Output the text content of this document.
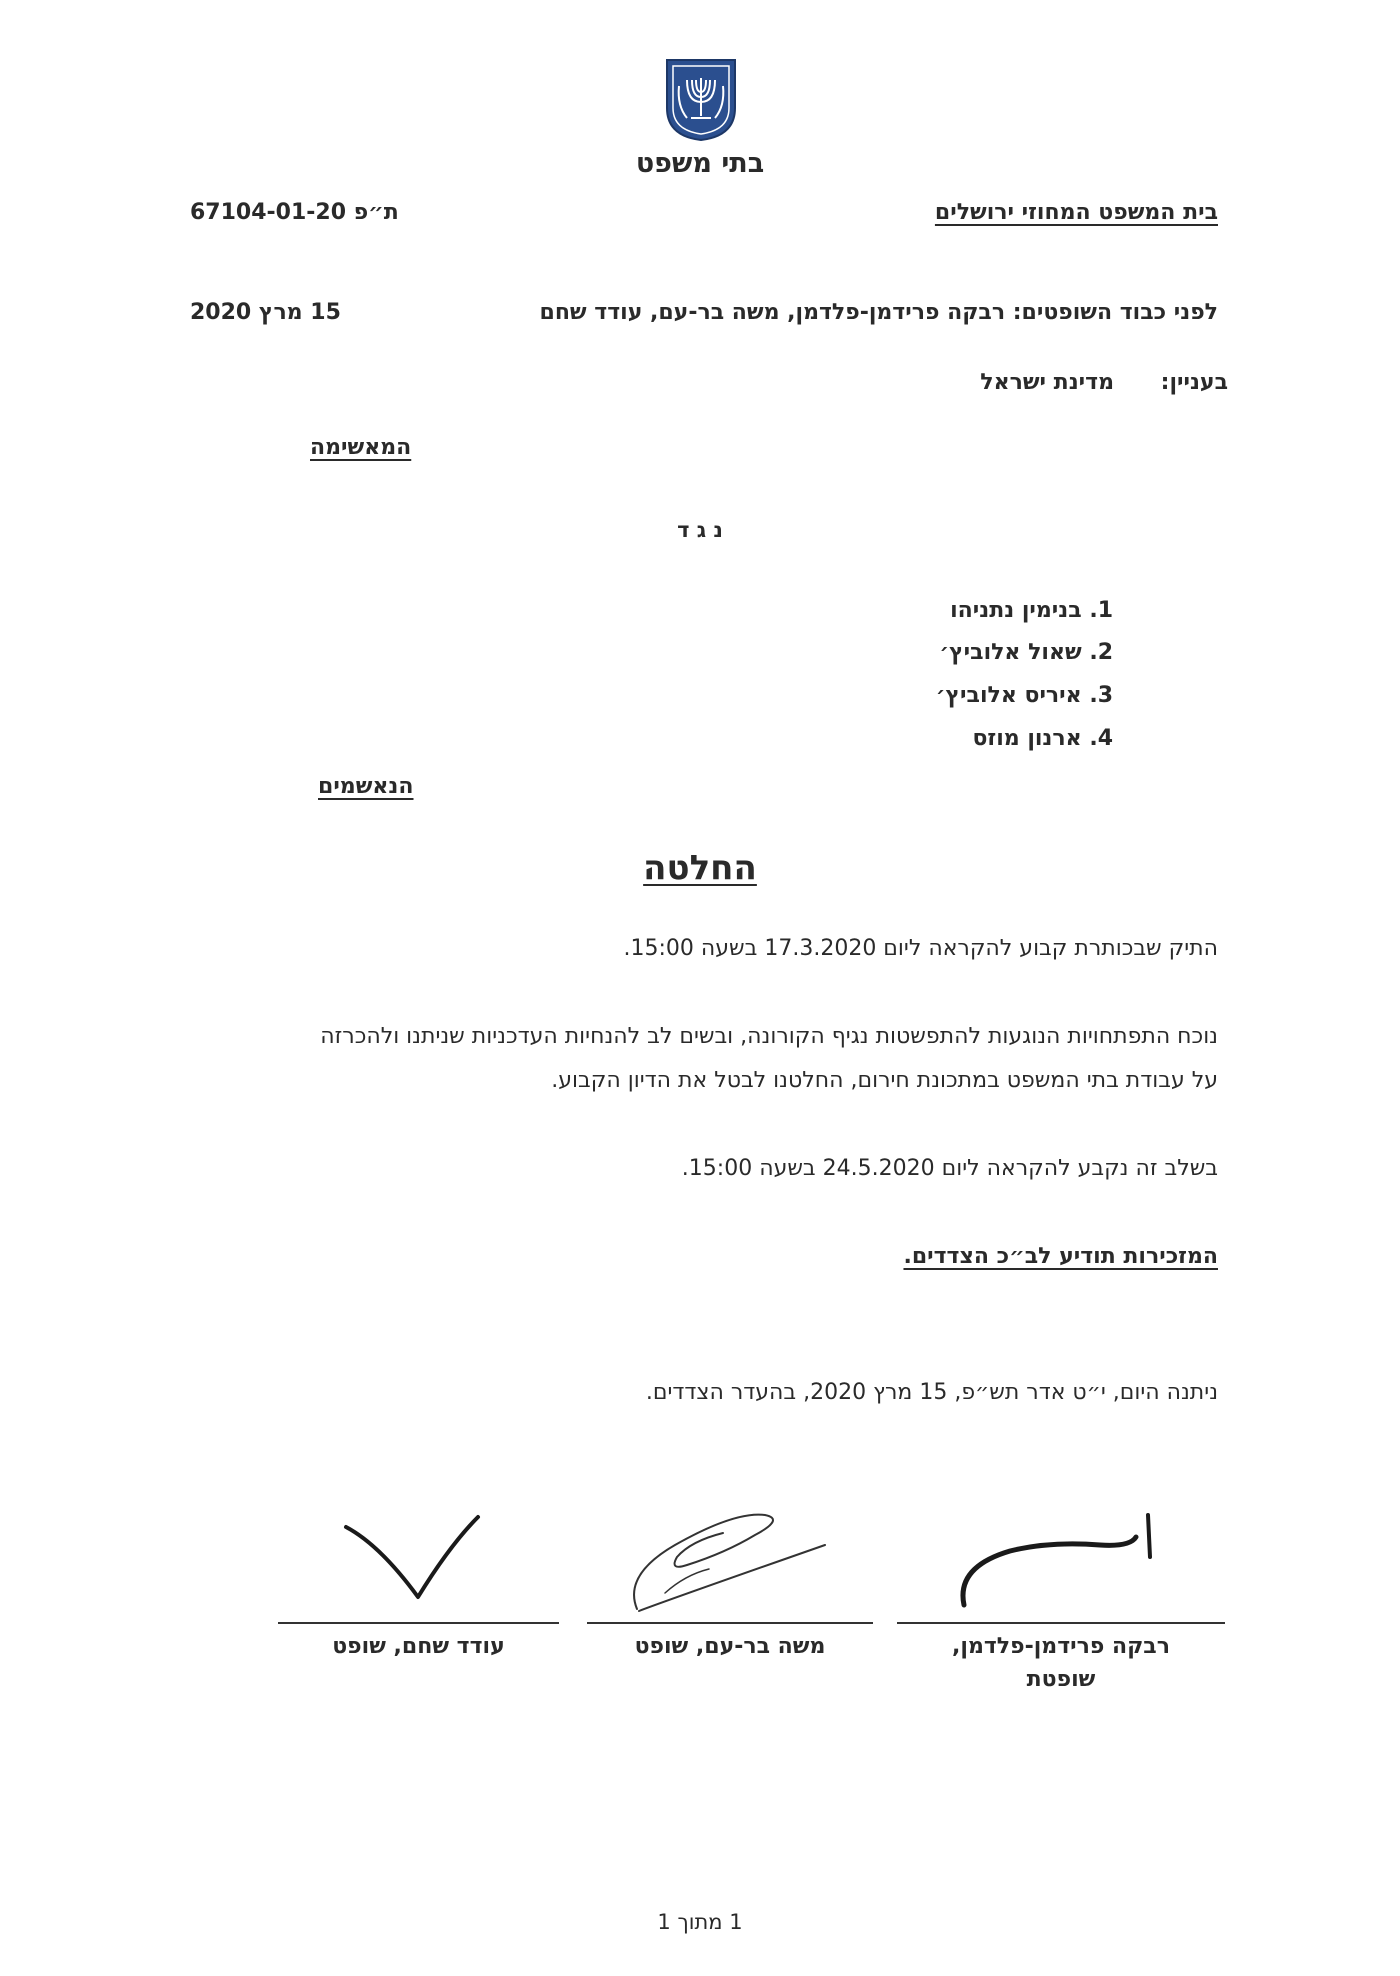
בתי משפט
בית המשפט המחוזי ירושלים
ת״פ 67104-01-20
לפני כבוד השופטים: רבקה פרידמן-פלדמן, משה בר-עם, עודד שחם
15 מרץ 2020
בעניין:
מדינת ישראל
המאשימה
נ ג ד
1. בנימין נתניהו
2. שאול אלוביץ׳
3. איריס אלוביץ׳
4. ארנון מוזס
הנאשמים
החלטה
התיק שבכותרת קבוע להקראה ליום 17.3.2020 בשעה 15:00.
נוכח התפתחויות הנוגעות להתפשטות נגיף הקורונה, ובשים לב להנחיות העדכניות שניתנו ולהכרזה
על עבודת בתי המשפט במתכונת חירום, החלטנו לבטל את הדיון הקבוע.
בשלב זה נקבע להקראה ליום 24.5.2020 בשעה 15:00.
המזכירות תודיע לב״כ הצדדים.
ניתנה היום, י״ט אדר תש״פ, 15 מרץ 2020, בהעדר הצדדים.
רבקה פרידמן-פלדמן,
שופטת
משה בר-עם, שופט
עודד שחם, שופט
1 מתוך 1
